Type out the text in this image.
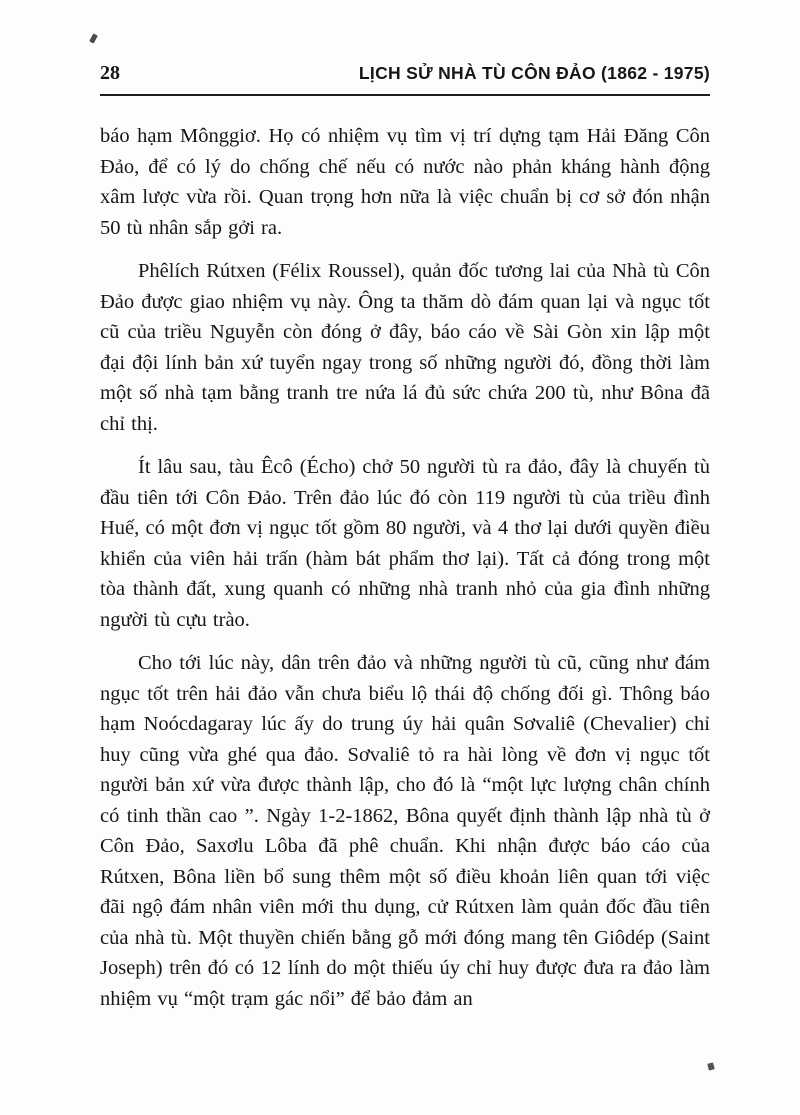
28	LỊCH SỬ NHÀ TÙ CÔN ĐẢO (1862 - 1975)

báo hạm Mônggiơ. Họ có nhiệm vụ tìm vị trí dựng tạm Hải Đăng Côn Đảo, để có lý do chống chế nếu có nước nào phản kháng hành động xâm lược vừa rồi. Quan trọng hơn nữa là việc chuẩn bị cơ sở đón nhận 50 tù nhân sắp gởi ra.

Phêlích Rútxen (Félix Roussel), quản đốc tương lai của Nhà tù Côn Đảo được giao nhiệm vụ này. Ông ta thăm dò đám quan lại và ngục tốt cũ của triều Nguyễn còn đóng ở đây, báo cáo về Sài Gòn xin lập một đại đội lính bản xứ tuyển ngay trong số những người đó, đồng thời làm một số nhà tạm bằng tranh tre nứa lá đủ sức chứa 200 tù, như Bôna đã chỉ thị.

Ít lâu sau, tàu Êcô (Écho) chở 50 người tù ra đảo, đây là chuyến tù đầu tiên tới Côn Đảo. Trên đảo lúc đó còn 119 người tù của triều đình Huế, có một đơn vị ngục tốt gồm 80 người, và 4 thơ lại dưới quyền điều khiển của viên hải trấn (hàm bát phẩm thơ lại). Tất cả đóng trong một tòa thành đất, xung quanh có những nhà tranh nhỏ của gia đình những người tù cựu trào.

Cho tới lúc này, dân trên đảo và những người tù cũ, cũng như đám ngục tốt trên hải đảo vẫn chưa biểu lộ thái độ chống đối gì. Thông báo hạm Noócdagaray lúc ấy do trung úy hải quân Sơvaliê (Chevalier) chỉ huy cũng vừa ghé qua đảo. Sơvaliê tỏ ra hài lòng về đơn vị ngục tốt người bản xứ vừa được thành lập, cho đó là “một lực lượng chân chính có tinh thần cao ”. Ngày 1-2-1862, Bôna quyết định thành lập nhà tù ở Côn Đảo, Saxơlu Lôba đã phê chuẩn. Khi nhận được báo cáo của Rútxen, Bôna liền bổ sung thêm một số điều khoản liên quan tới việc đãi ngộ đám nhân viên mới thu dụng, cử Rútxen làm quản đốc đầu tiên của nhà tù. Một thuyền chiến bằng gỗ mới đóng mang tên Giôdép (Saint Joseph) trên đó có 12 lính do một thiếu úy chỉ huy được đưa ra đảo làm nhiệm vụ “một trạm gác nổi” để bảo đảm an
